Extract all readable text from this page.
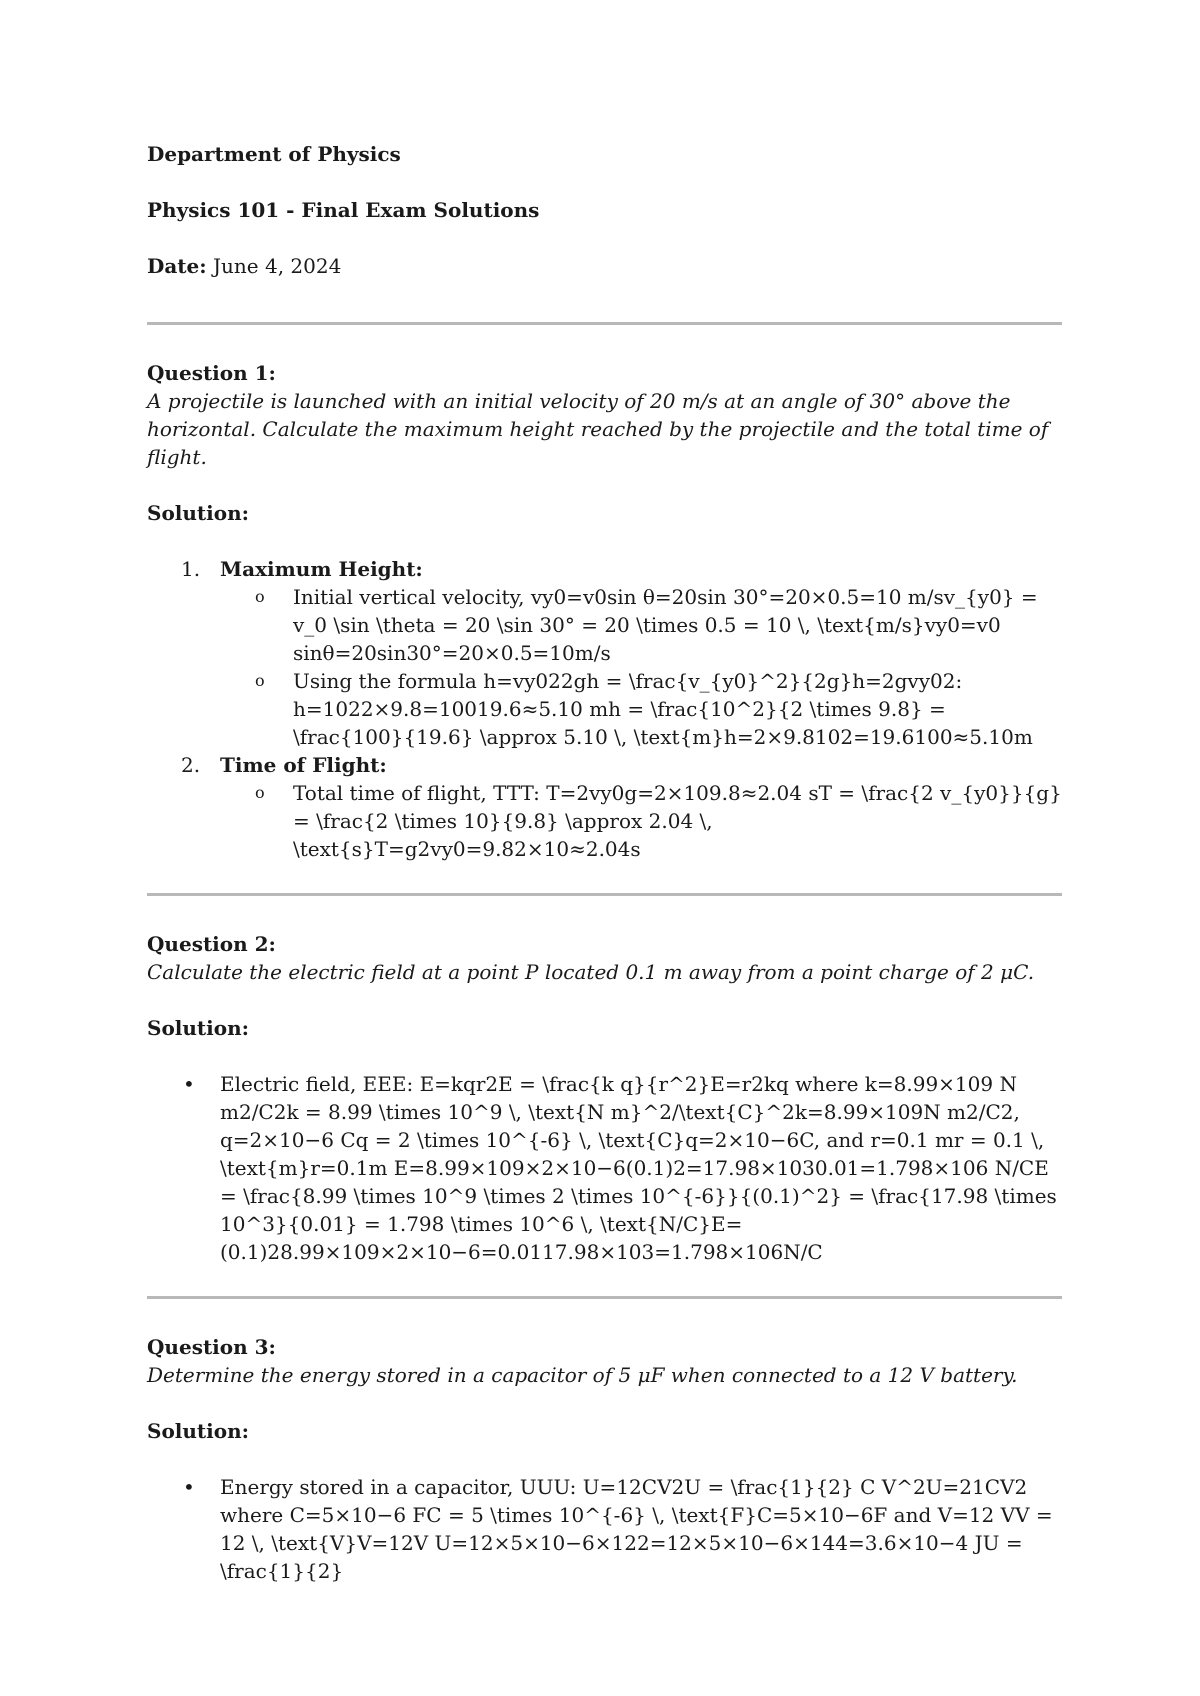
Department of Physics

Physics 101 - Final Exam Solutions

Date: June 4, 2024

Question 1:

A projectile is launched with an initial velocity of 20 m/s at an angle of 30° above the horizontal. Calculate the maximum height reached by the projectile and the total time of flight.

Solution:

1. Maximum Height:
o Initial vertical velocity, vy0=v0sin θ=20sin 30°=20×0.5=10 m/sv_{y0} = v_0 \sin \theta = 20 \sin 30° = 20 \times 0.5 = 10 \, \text{m/s}vy0=v0 sinθ=20sin30°=20×0.5=10m/s
o Using the formula h=vy022gh = \frac{v_{y0}^2}{2g}h=2gvy02: h=1022×9.8=10019.6≈5.10 mh = \frac{10^2}{2 \times 9.8} = \frac{100}{19.6} \approx 5.10 \, \text{m}h=2×9.8102=19.6100≈5.10m
2. Time of Flight:
o Total time of flight, TTT: T=2vy0g=2×109.8≈2.04 sT = \frac{2 v_{y0}}{g} = \frac{2 \times 10}{9.8} \approx 2.04 \, \text{s}T=g2vy0=9.82×10≈2.04s

Question 2:

Calculate the electric field at a point P located 0.1 m away from a point charge of 2 μC.

Solution:

• Electric field, EEE: E=kqr2E = \frac{k q}{r^2}E=r2kq where k=8.99×109 N m2/C2k = 8.99 \times 10^9 \, \text{N m}^2/\text{C}^2k=8.99×109N m2/C2, q=2×10−6 Cq = 2 \times 10^{-6} \, \text{C}q=2×10−6C, and r=0.1 mr = 0.1 \, \text{m}r=0.1m E=8.99×109×2×10−6(0.1)2=17.98×1030.01=1.798×106 N/CE = \frac{8.99 \times 10^9 \times 2 \times 10^{-6}}{(0.1)^2} = \frac{17.98 \times 10^3}{0.01} = 1.798 \times 10^6 \, \text{N/C}E=(0.1)28.99×109×2×10−6=0.0117.98×103=1.798×106N/C

Question 3:

Determine the energy stored in a capacitor of 5 μF when connected to a 12 V battery.

Solution:

• Energy stored in a capacitor, UUU: U=12CV2U = \frac{1}{2} C V^2U=21CV2 where C=5×10−6 FC = 5 \times 10^{-6} \, \text{F}C=5×10−6F and V=12 VV = 12 \, \text{V}V=12V U=12×5×10−6×122=12×5×10−6×144=3.6×10−4 JU = \frac{1}{2}
